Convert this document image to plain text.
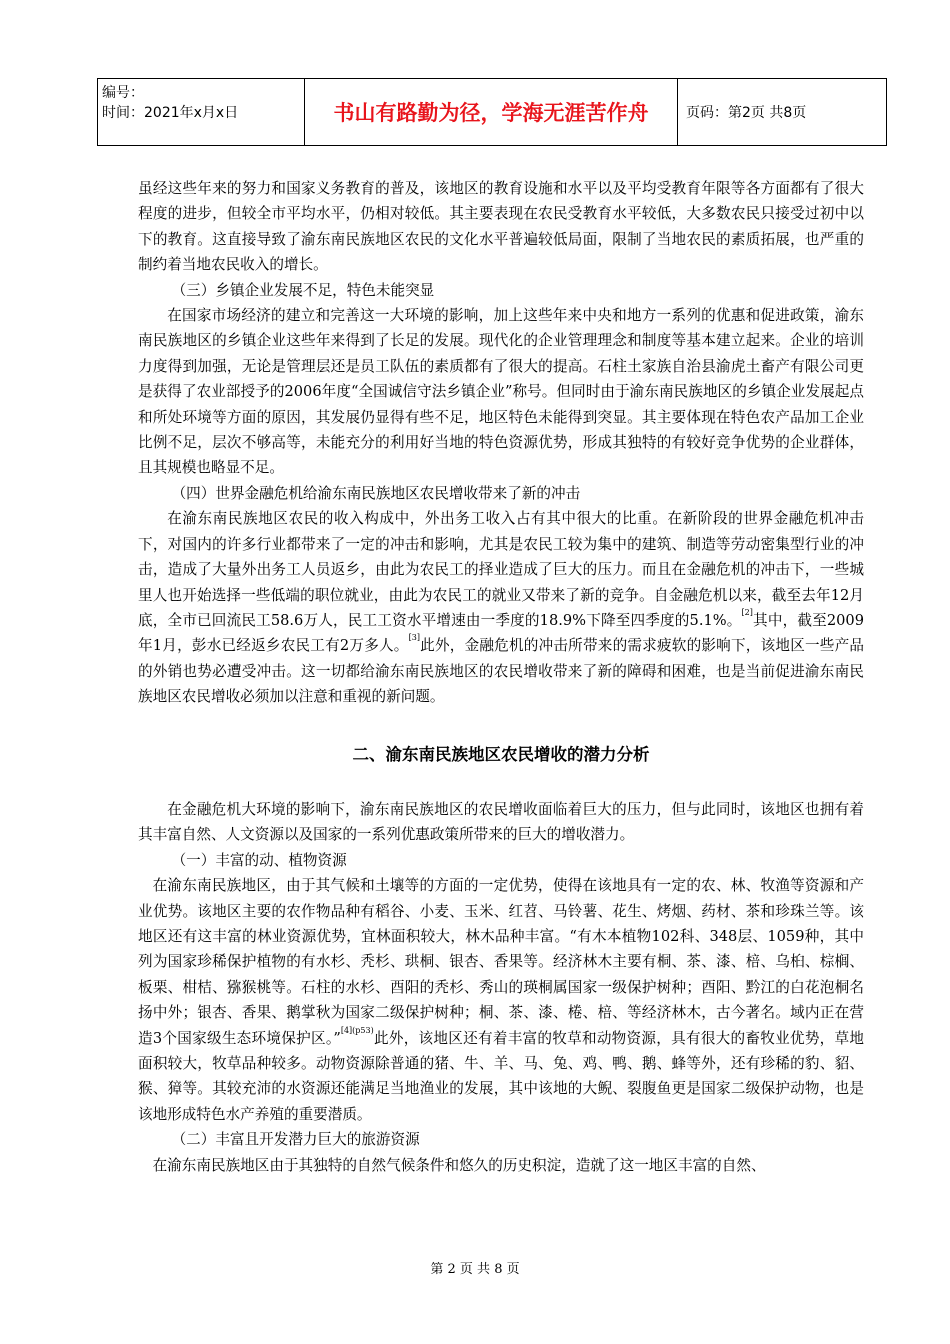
编号：
时间：2021年x月x日	书山有路勤为径，学海无涯苦作舟	页码：第2页 共8页

虽经这些年来的努力和国家义务教育的普及，该地区的教育设施和水平以及平均受教育年限等各方面都有了很大程度的进步，但较全市平均水平，仍相对较低。其主要表现在农民受教育水平较低，大多数农民只接受过初中以下的教育。这直接导致了渝东南民族地区农民的文化水平普遍较低局面，限制了当地农民的素质拓展，也严重的制约着当地农民收入的增长。

（三）乡镇企业发展不足，特色未能突显

在国家市场经济的建立和完善这一大环境的影响，加上这些年来中央和地方一系列的优惠和促进政策，渝东南民族地区的乡镇企业这些年来得到了长足的发展。现代化的企业管理理念和制度等基本建立起来。企业的培训力度得到加强，无论是管理层还是员工队伍的素质都有了很大的提高。石柱土家族自治县渝虎土畜产有限公司更是获得了农业部授予的2006年度“全国诚信守法乡镇企业”称号。但同时由于渝东南民族地区的乡镇企业发展起点和所处环境等方面的原因，其发展仍显得有些不足，地区特色未能得到突显。其主要体现在特色农产品加工企业比例不足，层次不够高等，未能充分的利用好当地的特色资源优势，形成其独特的有较好竞争优势的企业群体，且其规模也略显不足。

（四）世界金融危机给渝东南民族地区农民增收带来了新的冲击

在渝东南民族地区农民的收入构成中，外出务工收入占有其中很大的比重。在新阶段的世界金融危机冲击下，对国内的许多行业都带来了一定的冲击和影响，尤其是农民工较为集中的建筑、制造等劳动密集型行业的冲击，造成了大量外出务工人员返乡，由此为农民工的择业造成了巨大的压力。而且在金融危机的冲击下，一些城里人也开始选择一些低端的职位就业，由此为农民工的就业又带来了新的竞争。自金融危机以来，截至去年12月底，全市已回流民工58.6万人，民工工资水平增速由一季度的18.9%下降至四季度的5.1%。[2]其中，截至2009年1月，彭水已经返乡农民工有2万多人。[3]此外，金融危机的冲击所带来的需求疲软的影响下，该地区一些产品的外销也势必遭受冲击。这一切都给渝东南民族地区的农民增收带来了新的障碍和困难，也是当前促进渝东南民族地区农民增收必须加以注意和重视的新问题。

二、渝东南民族地区农民增收的潜力分析

在金融危机大环境的影响下，渝东南民族地区的农民增收面临着巨大的压力，但与此同时，该地区也拥有着其丰富自然、人文资源以及国家的一系列优惠政策所带来的巨大的增收潜力。

（一）丰富的动、植物资源

在渝东南民族地区，由于其气候和土壤等的方面的一定优势，使得在该地具有一定的农、林、牧渔等资源和产业优势。该地区主要的农作物品种有稻谷、小麦、玉米、红苕、马铃薯、花生、烤烟、药材、茶和珍珠兰等。该地区还有这丰富的林业资源优势，宜林面积较大，林木品种丰富。“有木本植物102科、348层、1059种，其中列为国家珍稀保护植物的有水杉、秃杉、珙桐、银杏、香果等。经济林木主要有桐、茶、漆、棓、乌桕、棕榈、板栗、柑桔、猕猴桃等。石柱的水杉、酉阳的秃杉、秀山的瑛桐属国家一级保护树种；酉阳、黔江的白花泡桐名扬中外；银杏、香果、鹅掌秋为国家二级保护树种；桐、茶、漆、棬、棓、等经济林木，古今著名。域内正在营造3个国家级生态环境保护区。”$^{[4](p53)}$此外，该地区还有着丰富的牧草和动物资源，具有很大的畜牧业优势，草地面积较大，牧草品种较多。动物资源除普通的猪、牛、羊、马、兔、鸡、鸭、鹅、蜂等外，还有珍稀的豹、貂、猴、獐等。其较充沛的水资源还能满足当地渔业的发展，其中该地的大鲵、裂腹鱼更是国家二级保护动物，也是该地形成特色水产养殖的重要潜质。

（二）丰富且开发潜力巨大的旅游资源

在渝东南民族地区由于其独特的自然气候条件和悠久的历史积淀，造就了这一地区丰富的自然、

第 2 页 共 8 页
